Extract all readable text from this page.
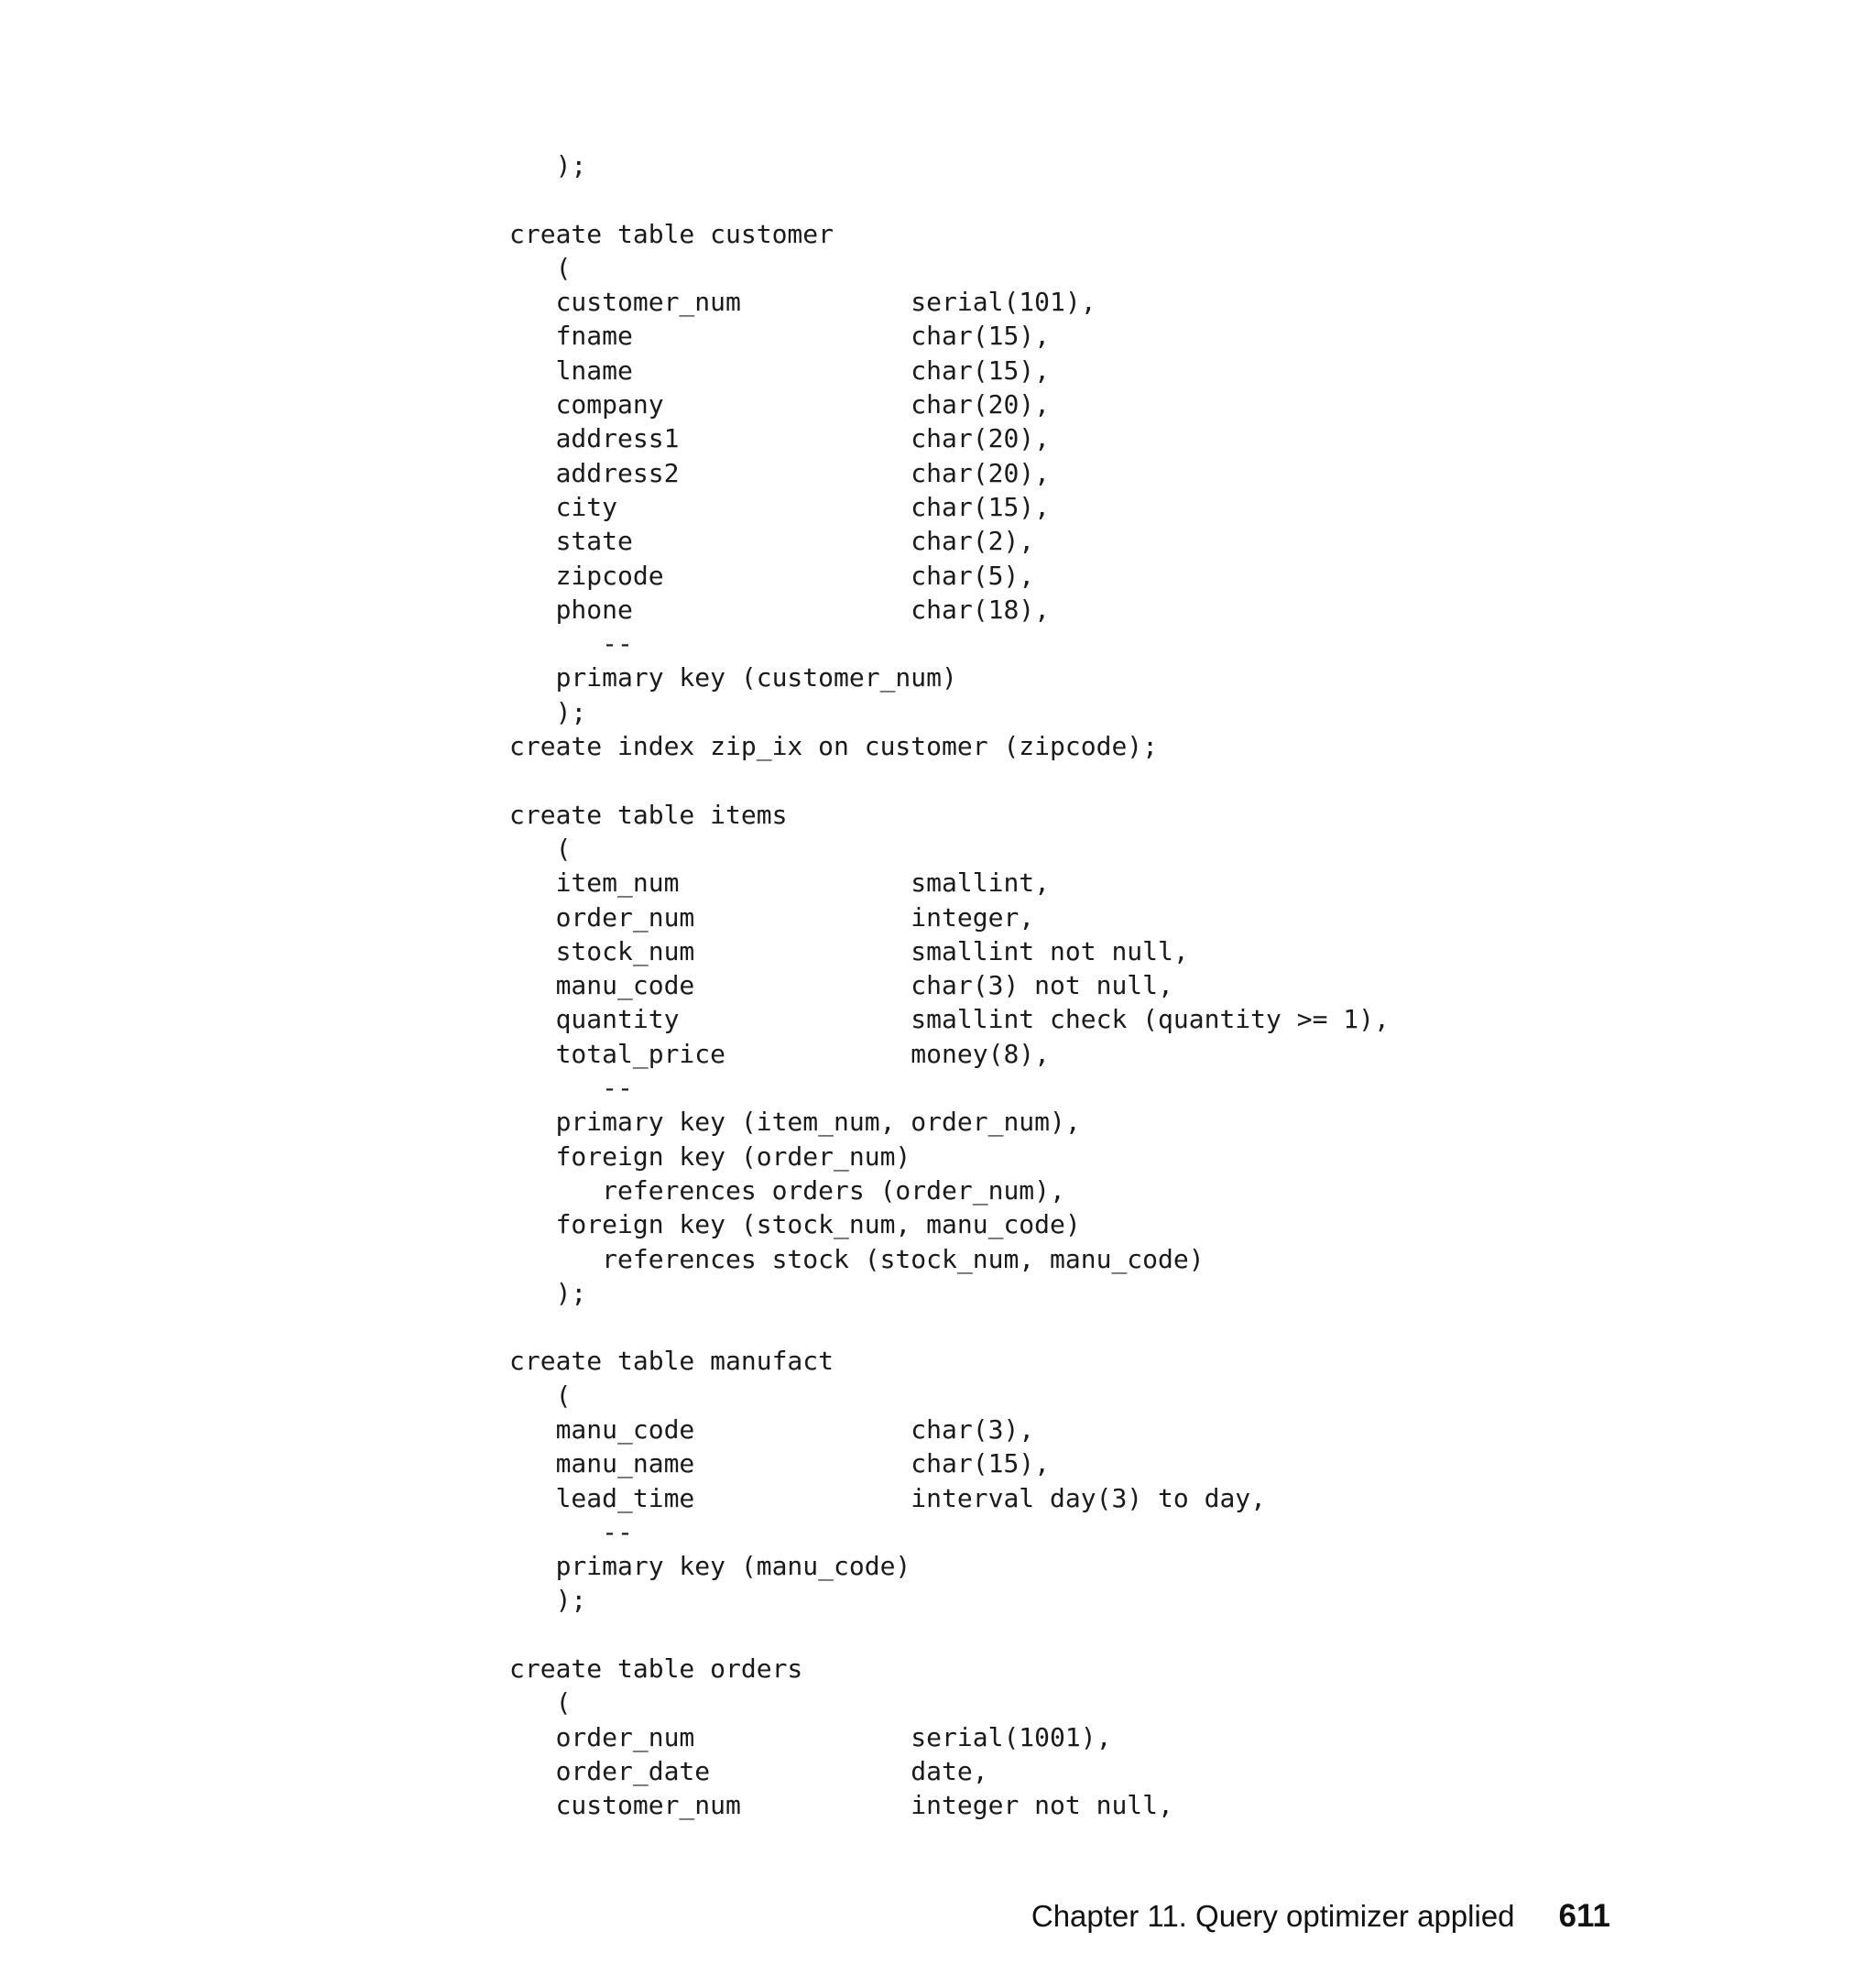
);
create table customer
(
customer_num           serial(101),
fname                  char(15),
lname                  char(15),
company                char(20),
address1               char(20),
address2               char(20),
city                   char(15),
state                  char(2),
zipcode                char(5),
phone                  char(18),
--
primary key (customer_num)
);
create index zip_ix on customer (zipcode);
create table items
(
item_num               smallint,
order_num              integer,
stock_num              smallint not null,
manu_code              char(3) not null,
quantity               smallint check (quantity >= 1),
total_price            money(8),
--
primary key (item_num, order_num),
foreign key (order_num)
references orders (order_num),
foreign key (stock_num, manu_code)
references stock (stock_num, manu_code)
);
create table manufact
(
manu_code              char(3),
manu_name              char(15),
lead_time              interval day(3) to day,
--
primary key (manu_code)
);
create table orders
(
order_num              serial(1001),
order_date             date,
customer_num           integer not null,
Chapter 11. Query optimizer applied 611
